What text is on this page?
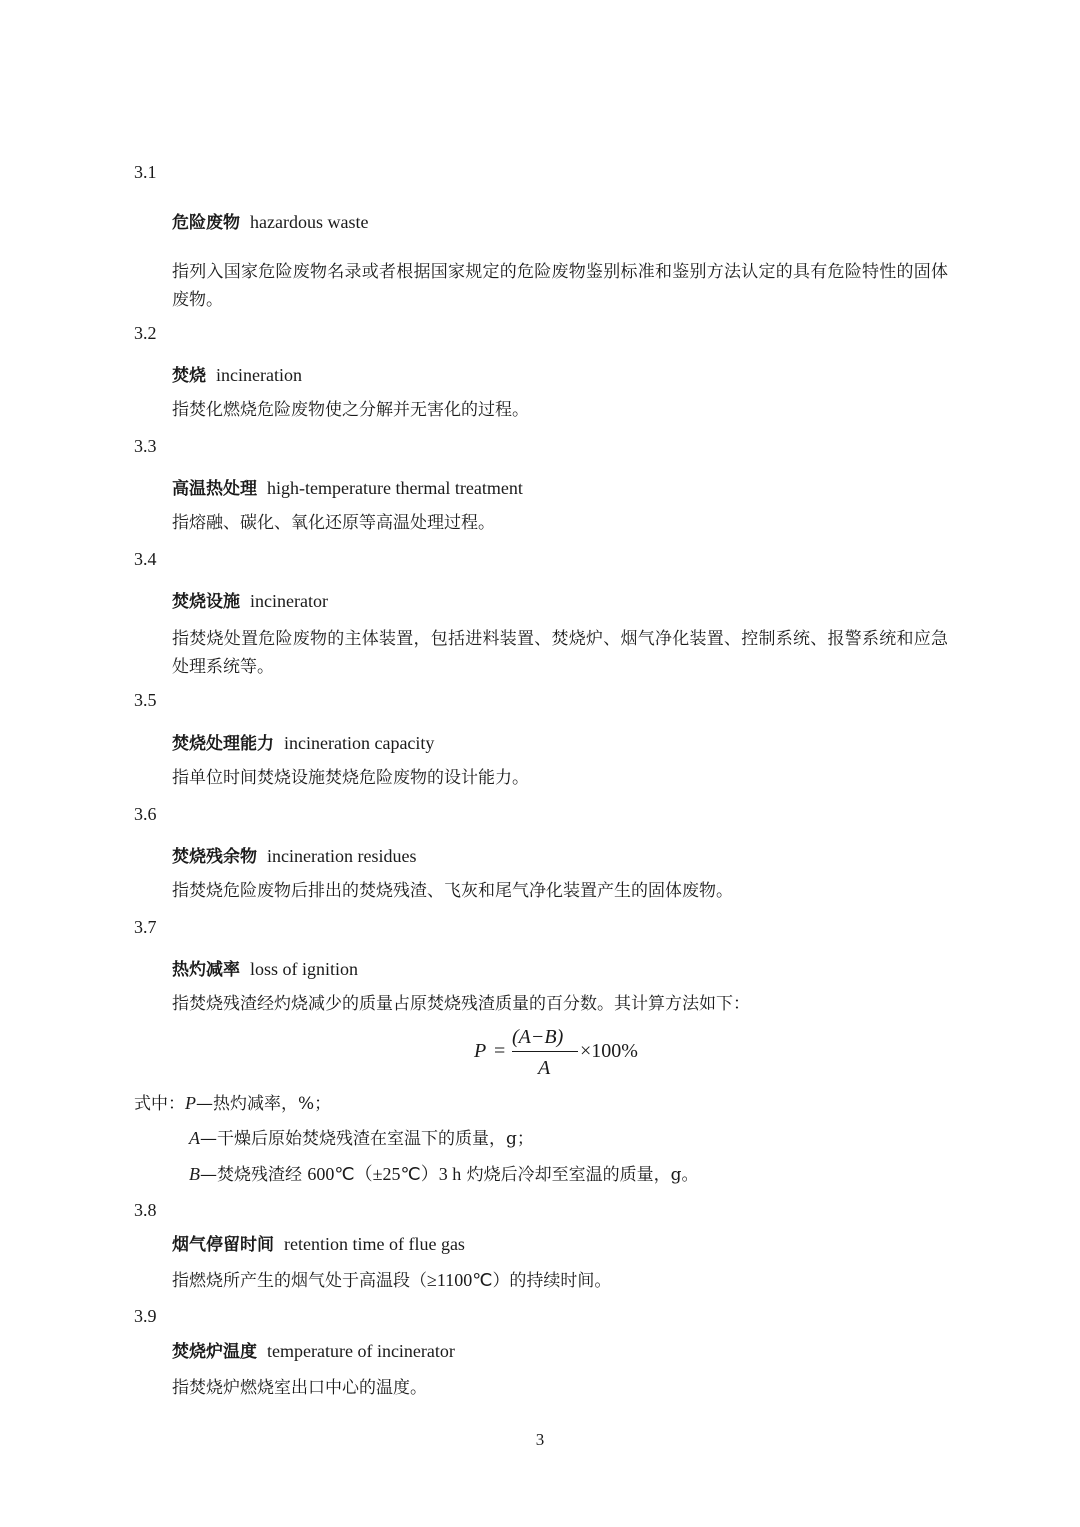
3.1
危险废物 hazardous waste
指列入国家危险废物名录或者根据国家规定的危险废物鉴别标准和鉴别方法认定的具有危险特性的固体废物。
3.2
焚烧 incineration
指焚化燃烧危险废物使之分解并无害化的过程。
3.3
高温热处理 high-temperature thermal treatment
指熔融、碳化、氧化还原等高温处理过程。
3.4
焚烧设施 incinerator
指焚烧处置危险废物的主体装置，包括进料装置、焚烧炉、烟气净化装置、控制系统、报警系统和应急处理系统等。
3.5
焚烧处理能力 incineration capacity
指单位时间焚烧设施焚烧危险废物的设计能力。
3.6
焚烧残余物 incineration residues
指焚烧危险废物后排出的焚烧残渣、飞灰和尾气净化装置产生的固体废物。
3.7
热灼减率 loss of ignition
指焚烧残渣经灼烧减少的质量占原焚烧残渣质量的百分数。其计算方法如下：
P =
(A−B)
A
×100%
式中：P—热灼减率，%；
A—干燥后原始焚烧残渣在室温下的质量，g；
B—焚烧残渣经 600℃（±25℃）3 h 灼烧后冷却至室温的质量，g。
3.8
烟气停留时间 retention time of flue gas
指燃烧所产生的烟气处于高温段（≥1100℃）的持续时间。
3.9
焚烧炉温度 temperature of incinerator
指焚烧炉燃烧室出口中心的温度。
3
